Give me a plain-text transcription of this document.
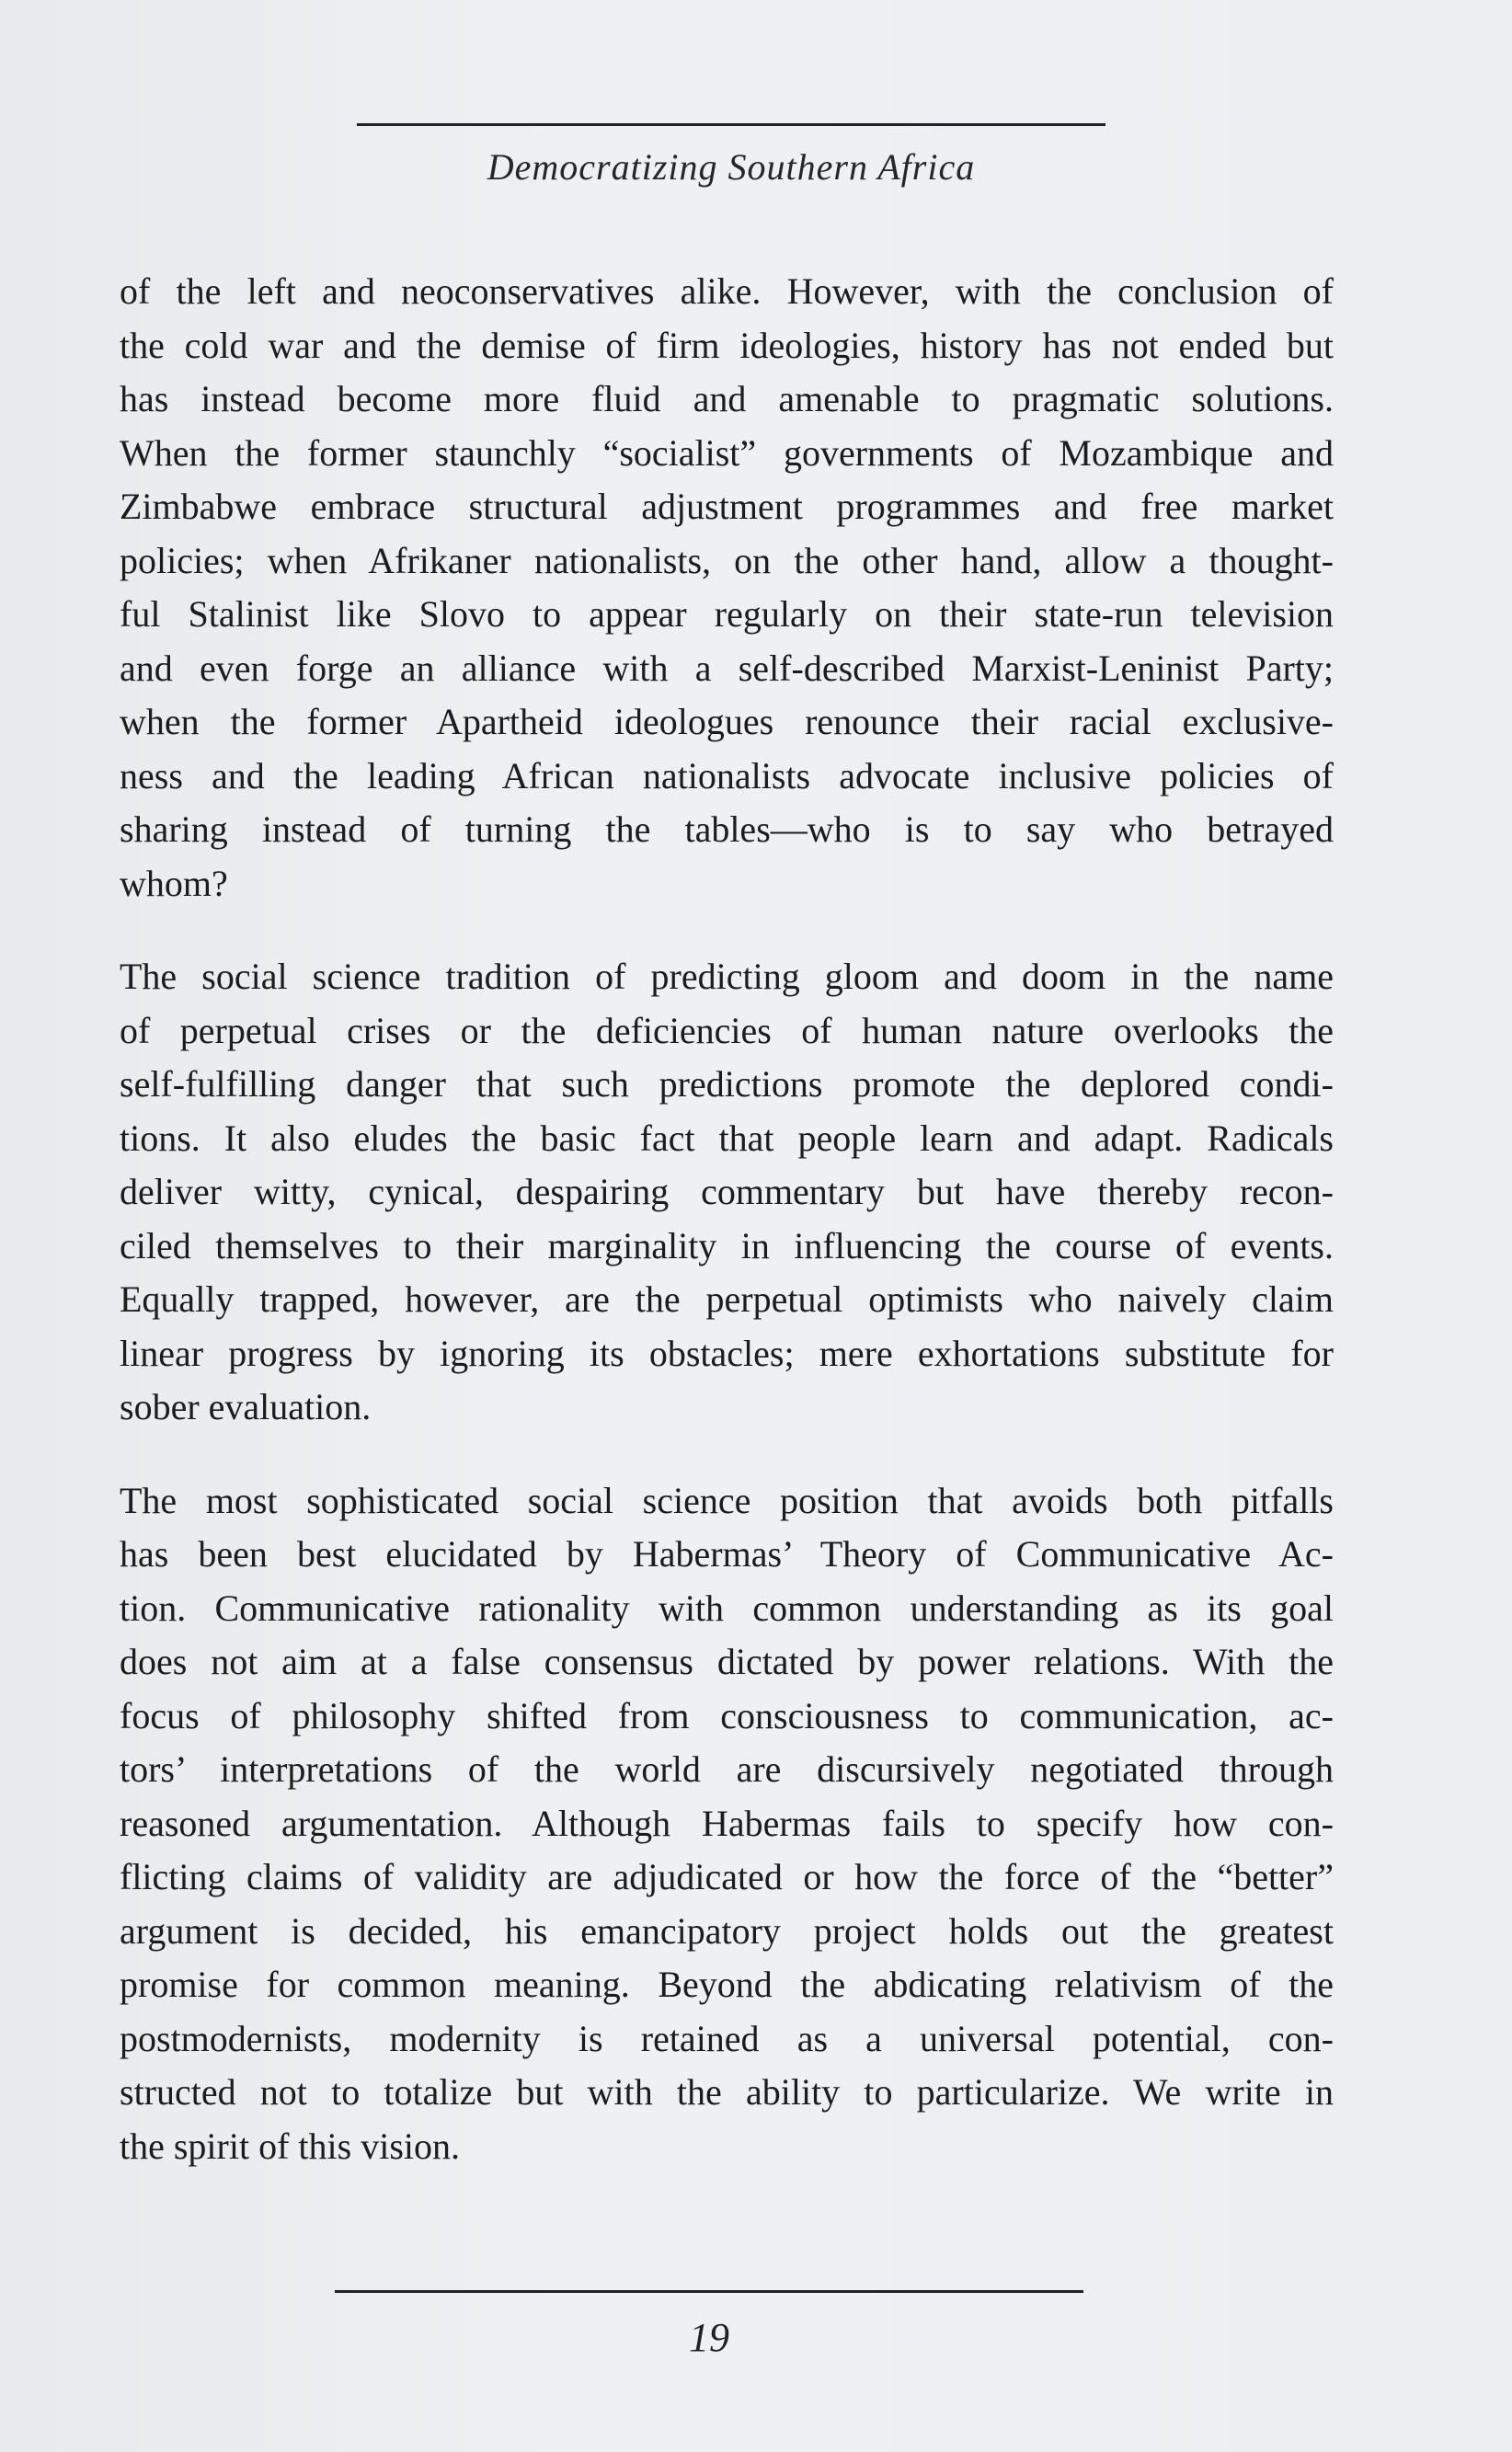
Democratizing Southern Africa

of the left and neoconservatives alike. However, with the conclusion of
the cold war and the demise of firm ideologies, history has not ended but
has instead become more fluid and amenable to pragmatic solutions.
When the former staunchly “socialist” governments of Mozambique and
Zimbabwe embrace structural adjustment programmes and free market
policies; when Afrikaner nationalists, on the other hand, allow a thought-
ful Stalinist like Slovo to appear regularly on their state-run television
and even forge an alliance with a self-described Marxist-Leninist Party;
when the former Apartheid ideologues renounce their racial exclusive-
ness and the leading African nationalists advocate inclusive policies of
sharing instead of turning the tables—who is to say who betrayed
whom?

The social science tradition of predicting gloom and doom in the name
of perpetual crises or the deficiencies of human nature overlooks the
self-fulfilling danger that such predictions promote the deplored condi-
tions. It also eludes the basic fact that people learn and adapt. Radicals
deliver witty, cynical, despairing commentary but have thereby recon-
ciled themselves to their marginality in influencing the course of events.
Equally trapped, however, are the perpetual optimists who naively claim
linear progress by ignoring its obstacles; mere exhortations substitute for
sober evaluation.

The most sophisticated social science position that avoids both pitfalls
has been best elucidated by Habermas’ Theory of Communicative Ac-
tion. Communicative rationality with common understanding as its goal
does not aim at a false consensus dictated by power relations. With the
focus of philosophy shifted from consciousness to communication, ac-
tors’ interpretations of the world are discursively negotiated through
reasoned argumentation. Although Habermas fails to specify how con-
flicting claims of validity are adjudicated or how the force of the “better”
argument is decided, his emancipatory project holds out the greatest
promise for common meaning. Beyond the abdicating relativism of the
postmodernists, modernity is retained as a universal potential, con-
structed not to totalize but with the ability to particularize. We write in
the spirit of this vision.

19
